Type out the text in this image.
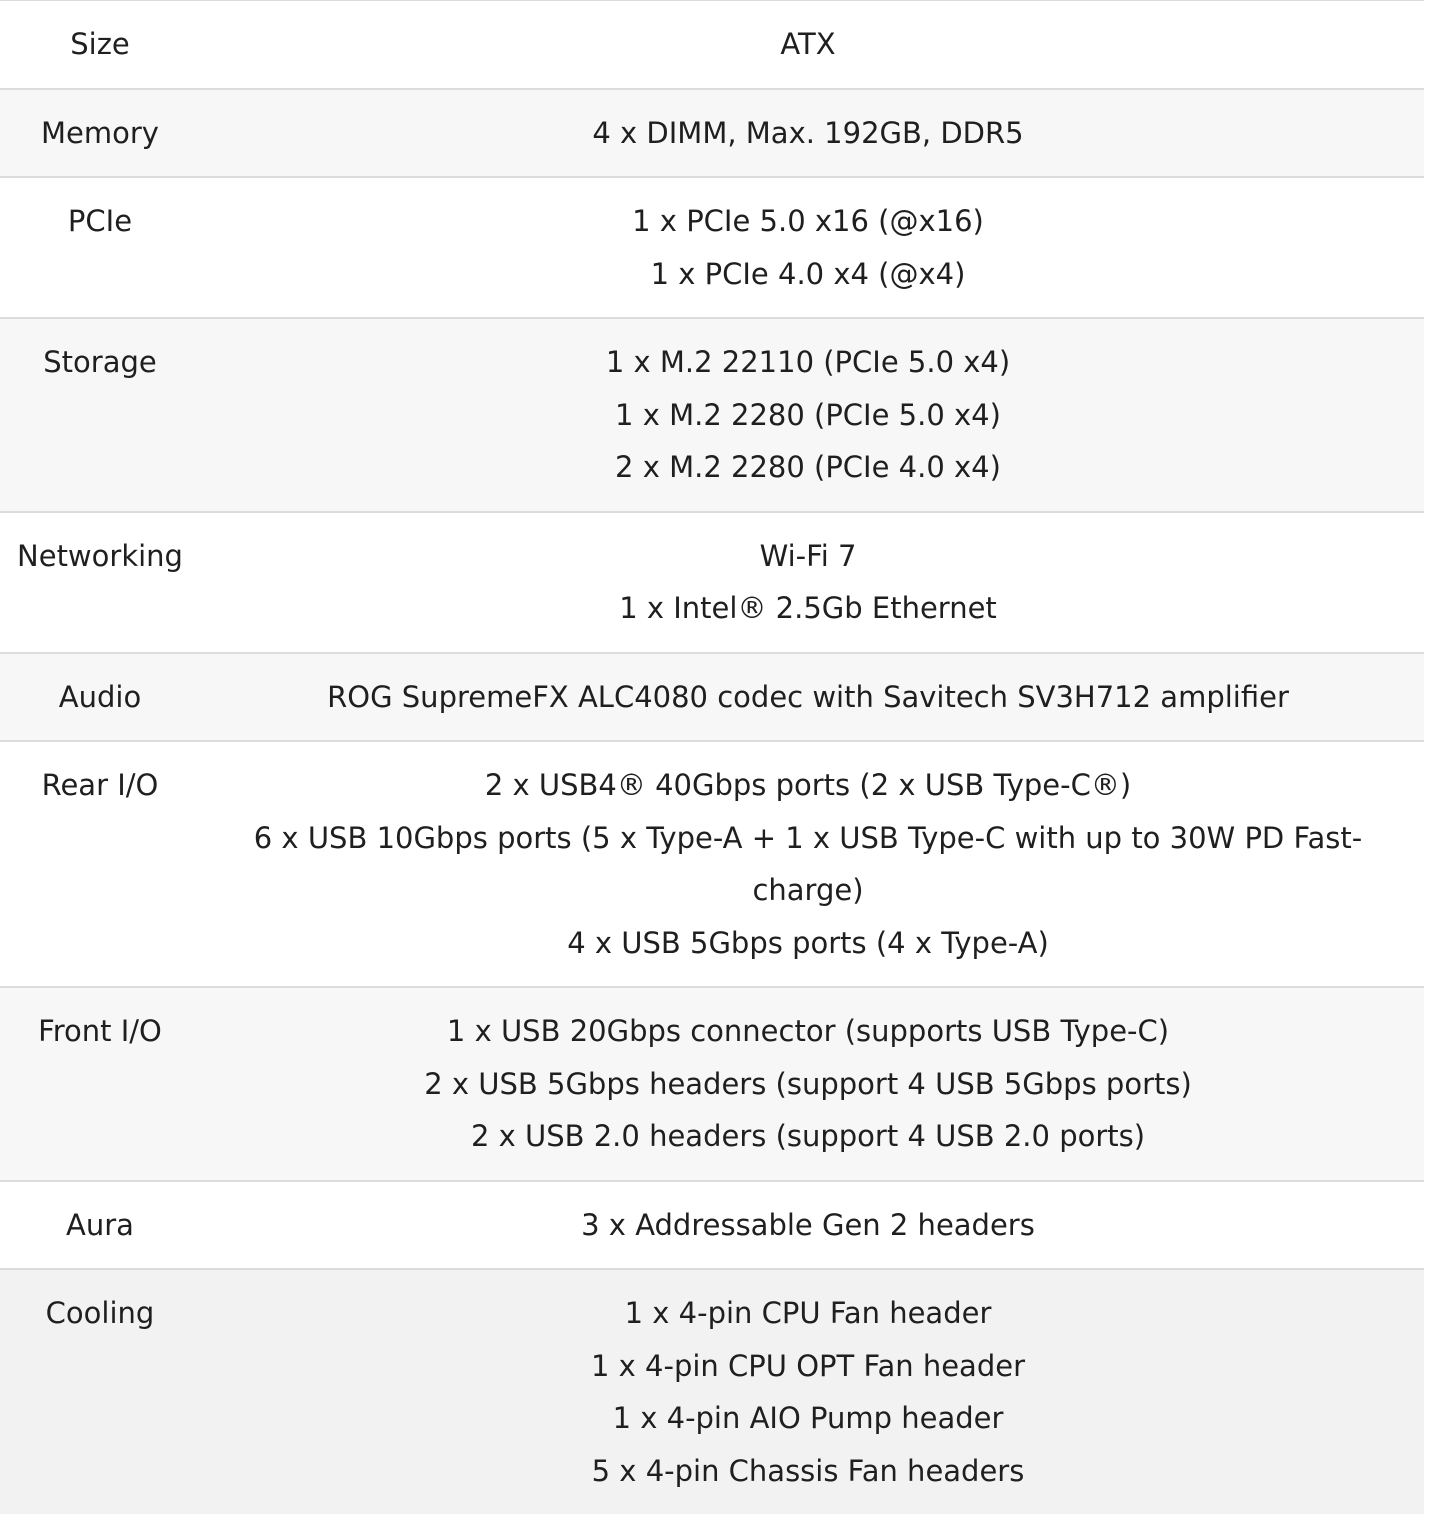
Size	ATX
Memory	4 x DIMM, Max. 192GB, DDR5
PCIe	1 x PCIe 5.0 x16 (@x16)
1 x PCIe 4.0 x4 (@x4)
Storage	1 x M.2 22110 (PCIe 5.0 x4)
1 x M.2 2280 (PCIe 5.0 x4)
2 x M.2 2280 (PCIe 4.0 x4)
Networking	Wi-Fi 7
1 x Intel® 2.5Gb Ethernet
Audio	ROG SupremeFX ALC4080 codec with Savitech SV3H712 amplifier
Rear I/O	2 x USB4® 40Gbps ports (2 x USB Type-C®)
6 x USB 10Gbps ports (5 x Type-A + 1 x USB Type-C with up to 30W PD Fast-charge)
4 x USB 5Gbps ports (4 x Type-A)
Front I/O	1 x USB 20Gbps connector (supports USB Type-C)
2 x USB 5Gbps headers (support 4 USB 5Gbps ports)
2 x USB 2.0 headers (support 4 USB 2.0 ports)
Aura	3 x Addressable Gen 2 headers
Cooling	1 x 4-pin CPU Fan header
1 x 4-pin CPU OPT Fan header
1 x 4-pin AIO Pump header
5 x 4-pin Chassis Fan headers
